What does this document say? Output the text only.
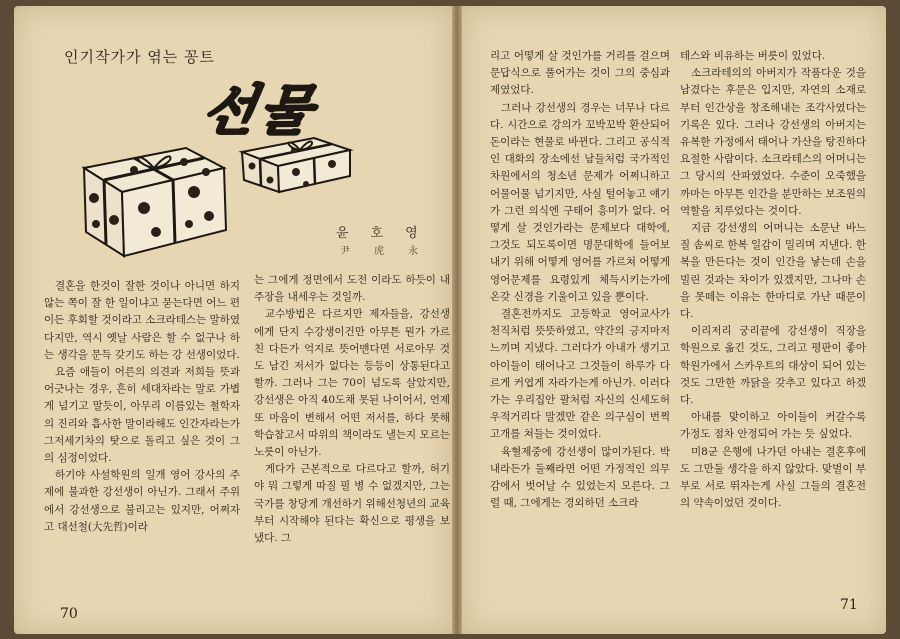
인기작가가 엮는 꽁트
선물
윤호영
尹虎永

결혼을 한것이 잘한 것이나 아니면 하지 않는 쪽이 잘 한 일이냐고 묻는다면 어느 편이든 후회할 것이라고 소크라테스는 말하였다지만, 역시 옛날 사람은 할 수 없구나 하는 생각을 문득 갖기도 하는 강 선생이었다.

요즘 애들이 어른의 의견과 저희들 뜻과 어긋나는 경우, 흔히 세대차라는 말로 가볍게 넘기고 말듯이, 아무리 이름있는 철학자의 진리와 흡사한 말이라해도 인간자라는가 그저세기차의 탓으로 돌리고 싶은 것이 그의 심정이었다.

하기야 사설학원의 일개 영어 강사의 주제에 불과한 강선생이 아닌가. 그래서 주위에서 강선생으로 불리고는 있지만, 어쩌자고 대선철(大先哲)이라

는 그에게 정면에서 도전 이라도 하듯이 내 주장을 내세우는 것일까.

교수방법은 다르지만 제자들을, 강선생에게 단지 수강생이건만 아무튼 뭔가 가르친 다든가 억지로 뜻어맨다면 서로아무 것도 남긴 저서가 없다는 등등이 상통된다고 할까. 그러나 그는 70이 넘도록 살았지만, 강선생은 아직 40도채 못된 나이어서, 언제 또 마음이 변해서 어떤 저서를, 하다 못해 학습참고서 따위의 책이라도 낼는지 모르는 노릇이 아닌가.

게다가 근본적으로 다르다고 할까, 허기야 뭐 그렇게 따질 필 병 수 없겠지만, 그는 국가를 창당게 개선하기 위해선청년의 교육부터 시작해야 된다는 확신으로 평생을 보냈다. 그

리고 어떻게 살 것인가를 거리를 걸으며 문답식으로 풀어가는 것이 그의 중심과제였었다.

그러나 강선생의 경우는 너무나 다르다. 시간으로 강의가 꼬박꼬박 환산되어 돈이라는 현물로 바뀐다. 그리고 공식적인 대화의 장소에선 남들처럼 국가적인 차원에서의 청소년 문제가 어쩌니하고 어물어물 넘기지만, 사실 털어놓고 얘기가 그런 의식엔 구태어 흥미가 없다. 어떻게 살 것인가라는 문제보다 대학에, 그것도 되도록이면 명문대학에 들어보내기 위해 어떻게 영어를 가르쳐 어떻게 영어문제를 요령있게 체득시키는가에 온갖 신경을 기울이고 있을 뿐이다.

결혼전까지도 고등학교 영어교사가 천직처럼 뜻뜻하였고, 약간의 긍지마저 느끼며 지냈다. 그러다가 아내가 생기고 아이들이 태어나고 그것들이 하루가 다르게 커엽게 자라가는게 아닌가. 이러다가는 우리집안 팔처럼 자신의 신세도허우적거리다 말겠만 같은 의구심이 번쩍 고개를 쳐들는 것이었다.

육혈제중에 강선생이 많이가된다. 박내라든가 둘째라면 어떤 가정적인 의무감에서 벗어날 수 있었는지 모른다. 그럴 때, 그에게는 경외하던 소크라

테스와 비유하는 버릇이 있었다.

소크라테의의 아버지가 작품다운 것을 남겼다는 후문은 입지만, 자연의 소재로부터 인간상을 창조해내는 조각사였다는 기록은 있다. 그러나 강선생의 아버지는 유복한 가정에서 태어나 가산을 탕진하다 요절한 사람이다. 소크라테스의 어머니는 그 당시의 산파였었다. 수준이 오죽했을까마는 아무튼 인간을 분만하는 보조원의 역할을 치루었다는 것이다.

지금 강선생의 어머니는 소문난 바느질 솜씨로 한복 일감이 밀리며 지낸다. 한복을 만든다는 것이 인간을 낳는데 손을 빌린 것과는 차이가 있겠지만, 그나마 손을 못떼는 이유는 한마디로 가난 때문이다.

이리저리 궁리끝에 강선생이 직장을 학원으로 옮긴 것도, 그리고 평판이 좋아 학원가에서 스카우트의 대상이 되어 있는 것도 그만한 까닭을 갖추고 있다고 하겠다.

아내를 맞이하고 아이들이 커갈수록 가정도 점차 안정되어 가는 듯 싶었다.

미8군 은행에 나가던 아내는 결혼후에도 그만둘 생각을 하지 않았다. 맞벌이 부부로 서로 뛰자는게 사실 그들의 결혼전의 약속이었던 것이다.

70
71
